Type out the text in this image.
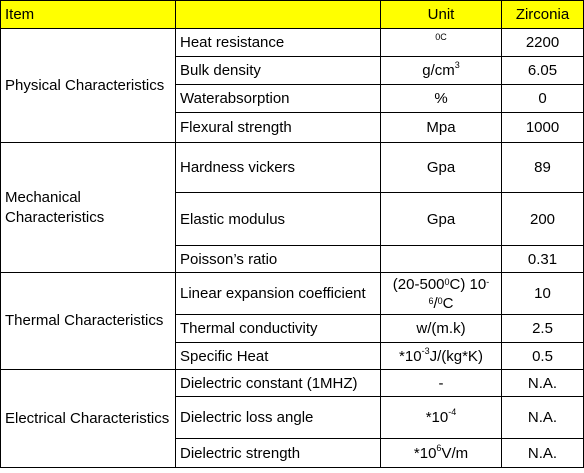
Item		Unit	Zirconia
Physical Characteristics	Heat resistance	$^{0C}$	2200
	Bulk density	$g/cm^3$	6.05
	Waterabsorption	%	0
	Flexural strength	Mpa	1000
Mechanical Characteristics	Hardness vickers	Gpa	89
	Elastic modulus	Gpa	200
	Poisson’s ratio		0.31
Thermal Characteristics	Linear expansion coefficient	$(20-500^0C)$ $10^{-6}/^0C$	10
	Thermal conductivity	w/(m.k)	2.5
	Specific Heat	$*10^{-3}J/(kg*K)$	0.5
Electrical Characteristics	Dielectric constant (1MHZ)	-	N.A.
	Dielectric loss angle	$*10^{-4}$	N.A.
	Dielectric strength	$*10^6V/m$	N.A.
